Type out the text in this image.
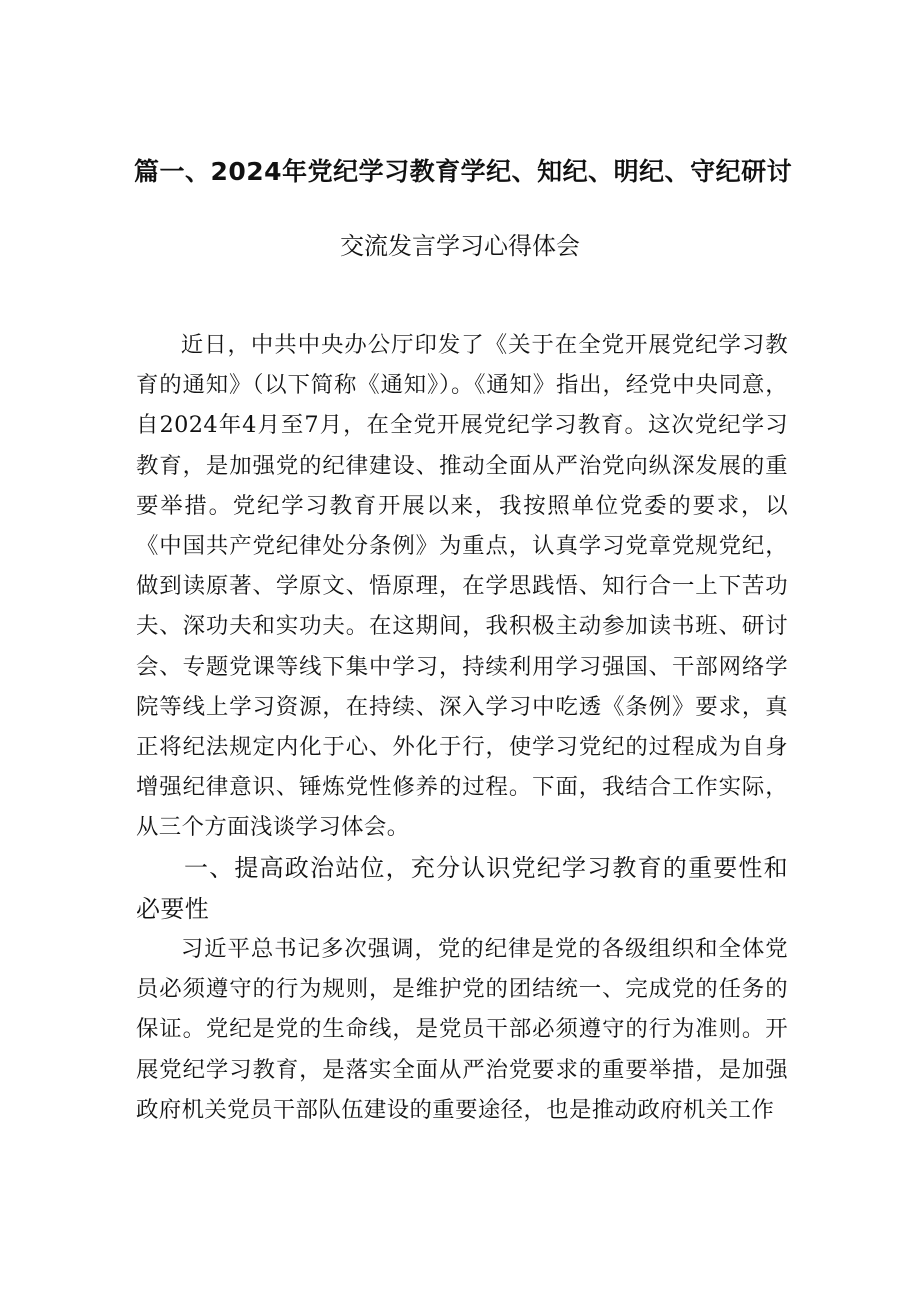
篇一、2024年党纪学习教育学纪、知纪、明纪、守纪研讨
交流发言学习心得体会

近日，中共中央办公厅印发了《关于在全党开展党纪学习教育的通知》（以下简称《通知》）。《通知》指出，经党中央同意，自2024年4月至7月，在全党开展党纪学习教育。这次党纪学习教育，是加强党的纪律建设、推动全面从严治党向纵深发展的重要举措。党纪学习教育开展以来，我按照单位党委的要求，以《中国共产党纪律处分条例》为重点，认真学习党章党规党纪，做到读原著、学原文、悟原理，在学思践悟、知行合一上下苦功夫、深功夫和实功夫。在这期间，我积极主动参加读书班、研讨会、专题党课等线下集中学习，持续利用学习强国、干部网络学院等线上学习资源，在持续、深入学习中吃透《条例》要求，真正将纪法规定内化于心、外化于行，使学习党纪的过程成为自身增强纪律意识、锤炼党性修养的过程。下面，我结合工作实际，从三个方面浅谈学习体会。

一、提高政治站位，充分认识党纪学习教育的重要性和必要性

习近平总书记多次强调，党的纪律是党的各级组织和全体党员必须遵守的行为规则，是维护党的团结统一、完成党的任务的保证。党纪是党的生命线，是党员干部必须遵守的行为准则。开展党纪学习教育，是落实全面从严治党要求的重要举措，是加强政府机关党员干部队伍建设的重要途径，也是推动政府机关工作
